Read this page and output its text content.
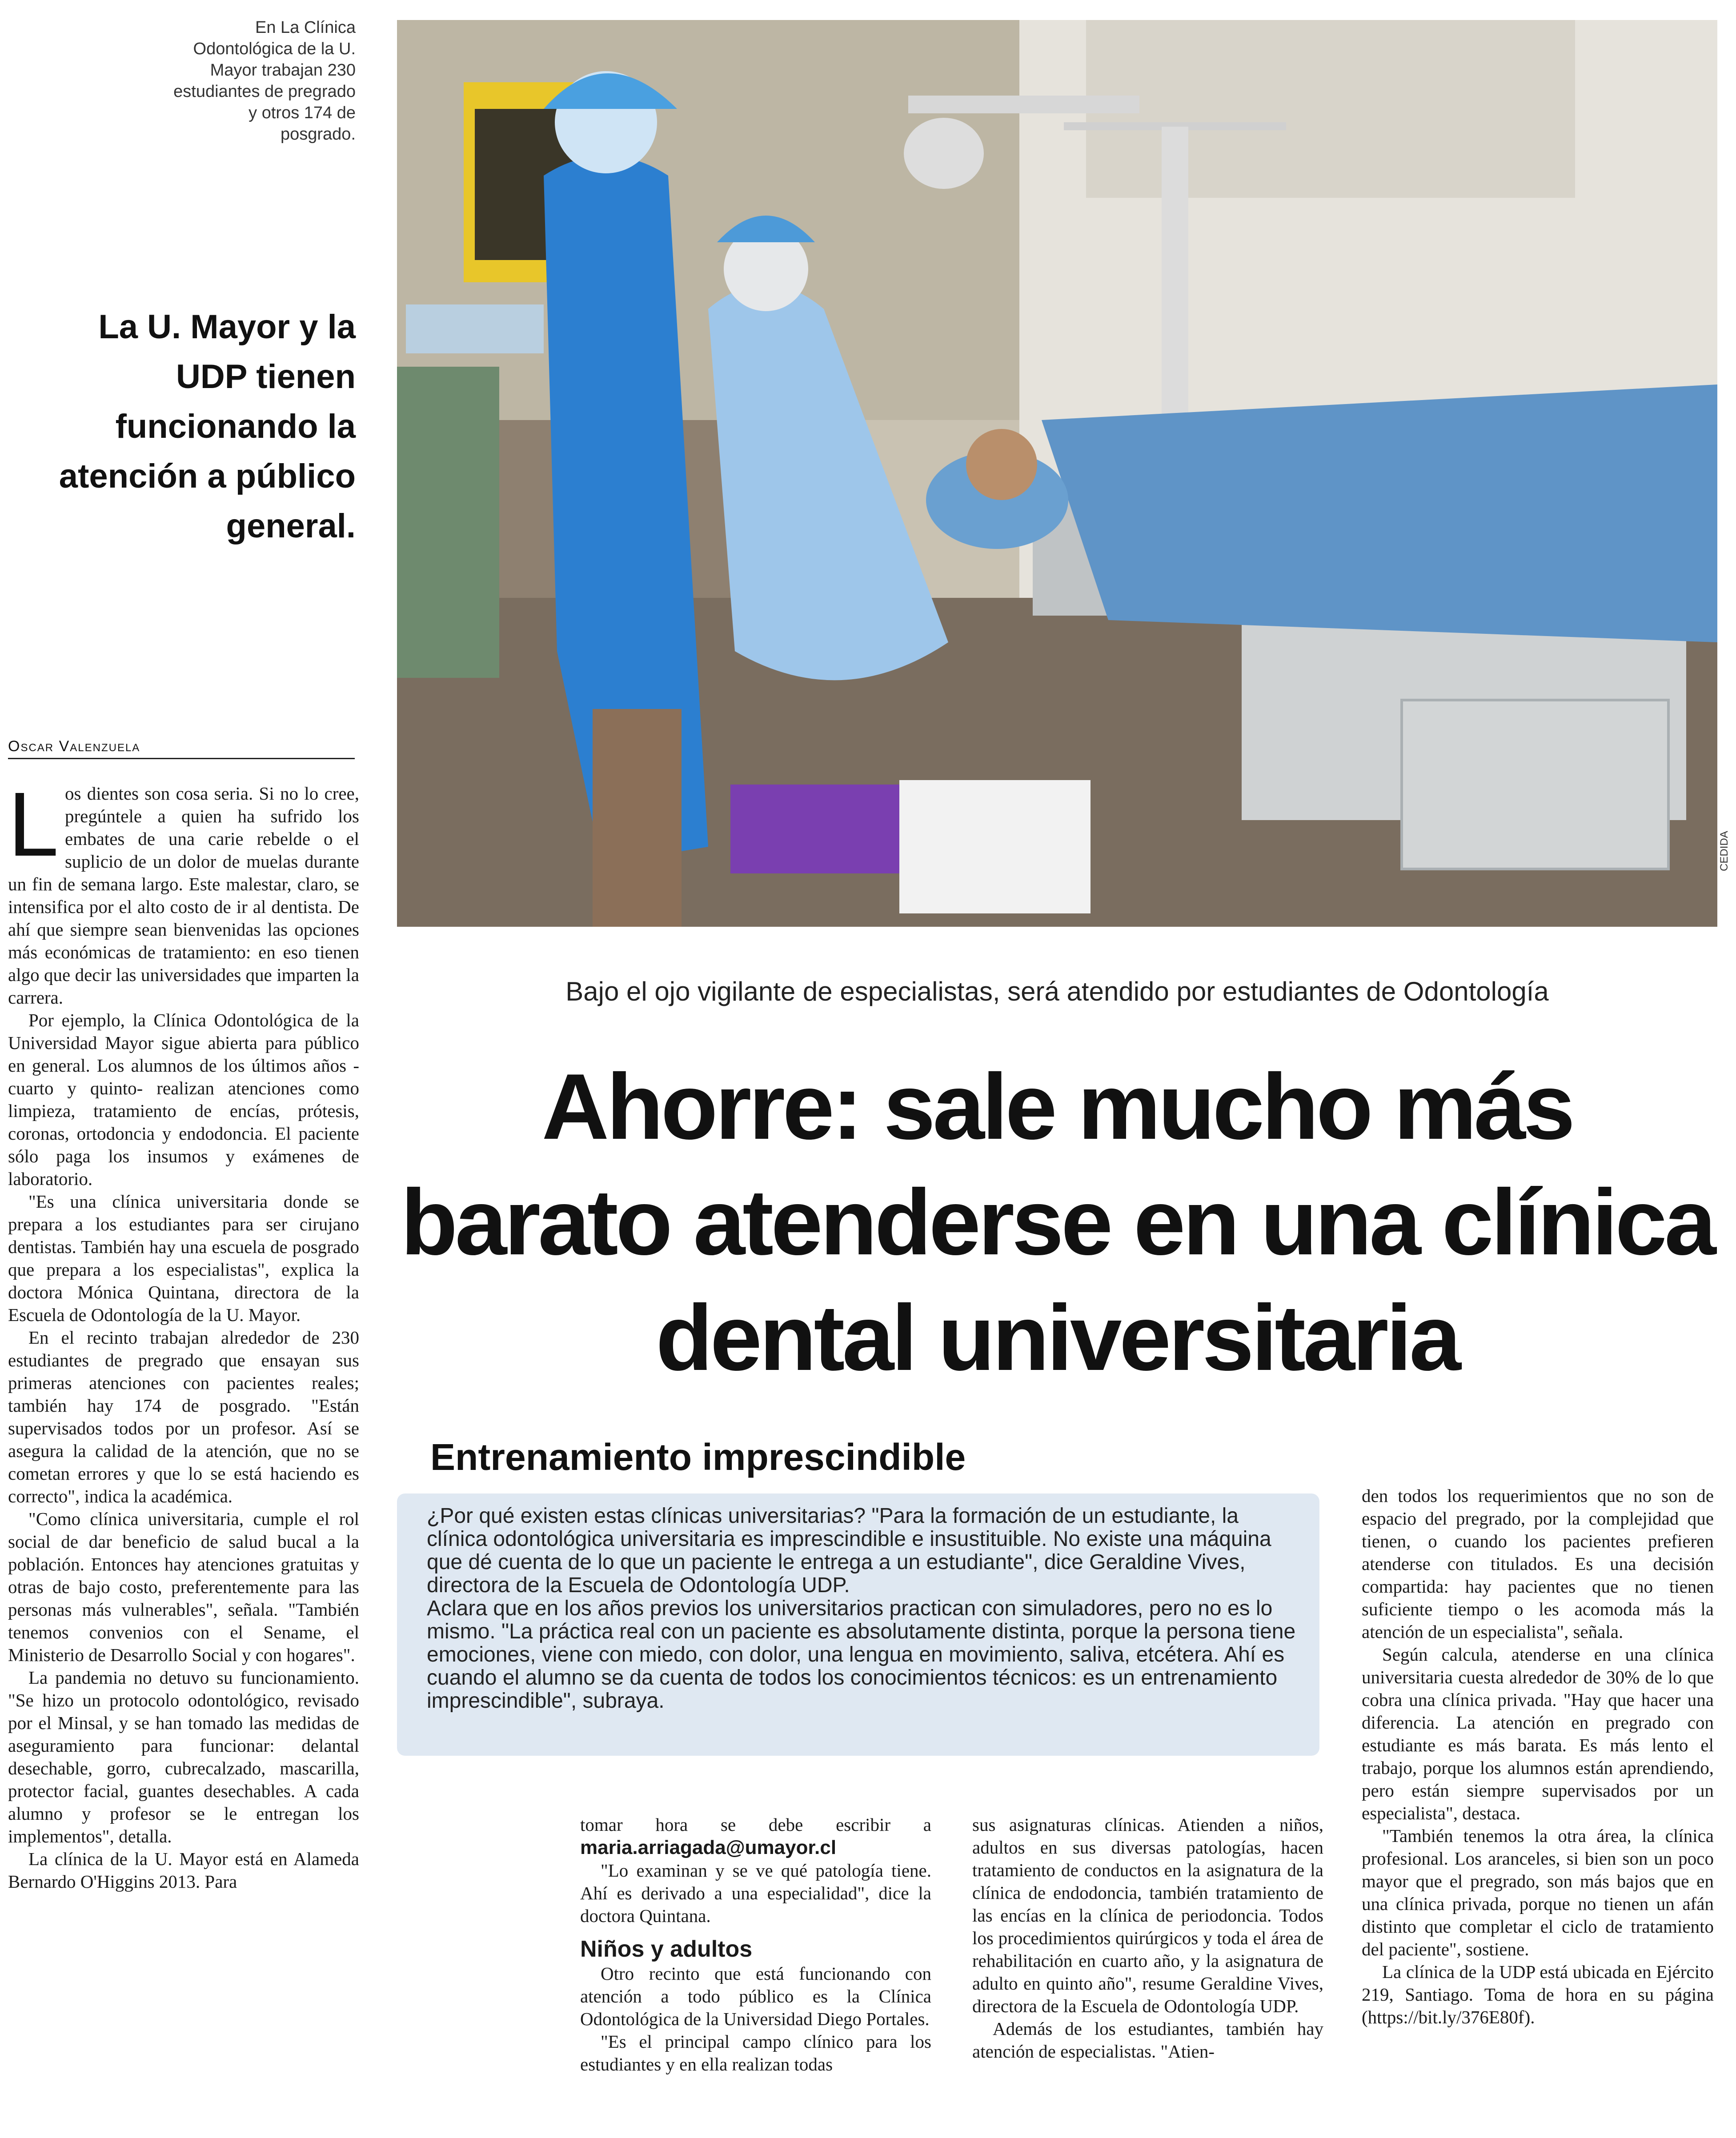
En La Clínica Odontológica de la U. Mayor trabajan 230 estudiantes de pregrado y otros 174 de posgrado.
La U. Mayor y la UDP tienen funcionando la atención a público general.
Oscar Valenzuela

Los dientes son cosa seria. Si no lo cree, pregúntele a quien ha sufrido los embates de una carie rebelde o el suplicio de un dolor de muelas durante un fin de semana largo. Este malestar, claro, se intensifica por el alto costo de ir al dentista. De ahí que siempre sean bienvenidas las opciones más económicas de tratamiento: en eso tienen algo que decir las universidades que imparten la carrera.

Por ejemplo, la Clínica Odontológica de la Universidad Mayor sigue abierta para público en general. Los alumnos de los últimos años -cuarto y quinto- realizan atenciones como limpieza, tratamiento de encías, prótesis, coronas, ortodoncia y endodoncia. El paciente sólo paga los insumos y exámenes de laboratorio.

"Es una clínica universitaria donde se prepara a los estudiantes para ser cirujano dentistas. También hay una escuela de posgrado que prepara a los especialistas", explica la doctora Mónica Quintana, directora de la Escuela de Odontología de la U. Mayor.

En el recinto trabajan alrededor de 230 estudiantes de pregrado que ensayan sus primeras atenciones con pacientes reales; también hay 174 de posgrado. "Están supervisados todos por un profesor. Así se asegura la calidad de la atención, que no se cometan errores y que lo se está haciendo es correcto", indica la académica.

"Como clínica universitaria, cumple el rol social de dar beneficio de salud bucal a la población. Entonces hay atenciones gratuitas y otras de bajo costo, preferentemente para las personas más vulnerables", señala. "También tenemos convenios con el Sename, el Ministerio de Desarrollo Social y con hogares".

La pandemia no detuvo su funcionamiento. "Se hizo un protocolo odontológico, revisado por el Minsal, y se han tomado las medidas de aseguramiento para funcionar: delantal desechable, gorro, cubrecalzado, mascarilla, protector facial, guantes desechables. A cada alumno y profesor se le entregan los implementos", detalla.

La clínica de la U. Mayor está en Alameda Bernardo O'Higgins 2013. Para

CEDIDA
Bajo el ojo vigilante de especialistas, será atendido por estudiantes de Odontología
Ahorre: sale mucho más barato atenderse en una clínica dental universitaria
Entrenamiento imprescindible

¿Por qué existen estas clínicas universitarias? "Para la formación de un estudiante, la clínica odontológica universitaria es imprescindible e insustituible. No existe una máquina que dé cuenta de lo que un paciente le entrega a un estudiante", dice Geraldine Vives, directora de la Escuela de Odontología UDP.

Aclara que en los años previos los universitarios practican con simuladores, pero no es lo mismo. "La práctica real con un paciente es absolutamente distinta, porque la persona tiene emociones, viene con miedo, con dolor, una lengua en movimiento, saliva, etcétera. Ahí es cuando el alumno se da cuenta de todos los conocimientos técnicos: es un entrenamiento imprescindible", subraya.

tomar hora se debe escribir a maria.arriagada@umayor.cl

"Lo examinan y se ve qué patología tiene. Ahí es derivado a una especialidad", dice la doctora Quintana.

Niños y adultos

Otro recinto que está funcionando con atención a todo público es la Clínica Odontológica de la Universidad Diego Portales.

"Es el principal campo clínico para los estudiantes y en ella realizan todas

sus asignaturas clínicas. Atienden a niños, adultos en sus diversas patologías, hacen tratamiento de conductos en la asignatura de la clínica de endodoncia, también tratamiento de las encías en la clínica de periodoncia. Todos los procedimientos quirúrgicos y toda el área de rehabilitación en cuarto año, y la asignatura de adulto en quinto año", resume Geraldine Vives, directora de la Escuela de Odontología UDP.

Además de los estudiantes, también hay atención de especialistas. "Atien-

den todos los requerimientos que no son de espacio del pregrado, por la complejidad que tienen, o cuando los pacientes prefieren atenderse con titulados. Es una decisión compartida: hay pacientes que no tienen suficiente tiempo o les acomoda más la atención de un especialista", señala.

Según calcula, atenderse en una clínica universitaria cuesta alrededor de 30% de lo que cobra una clínica privada. "Hay que hacer una diferencia. La atención en pregrado con estudiante es más barata. Es más lento el trabajo, porque los alumnos están aprendiendo, pero están siempre supervisados por un especialista", destaca.

"También tenemos la otra área, la clínica profesional. Los aranceles, si bien son un poco mayor que el pregrado, son más bajos que en una clínica privada, porque no tienen un afán distinto que completar el ciclo de tratamiento del paciente", sostiene.

La clínica de la UDP está ubicada en Ejército 219, Santiago. Toma de hora en su página (https://bit.ly/376E80f).
